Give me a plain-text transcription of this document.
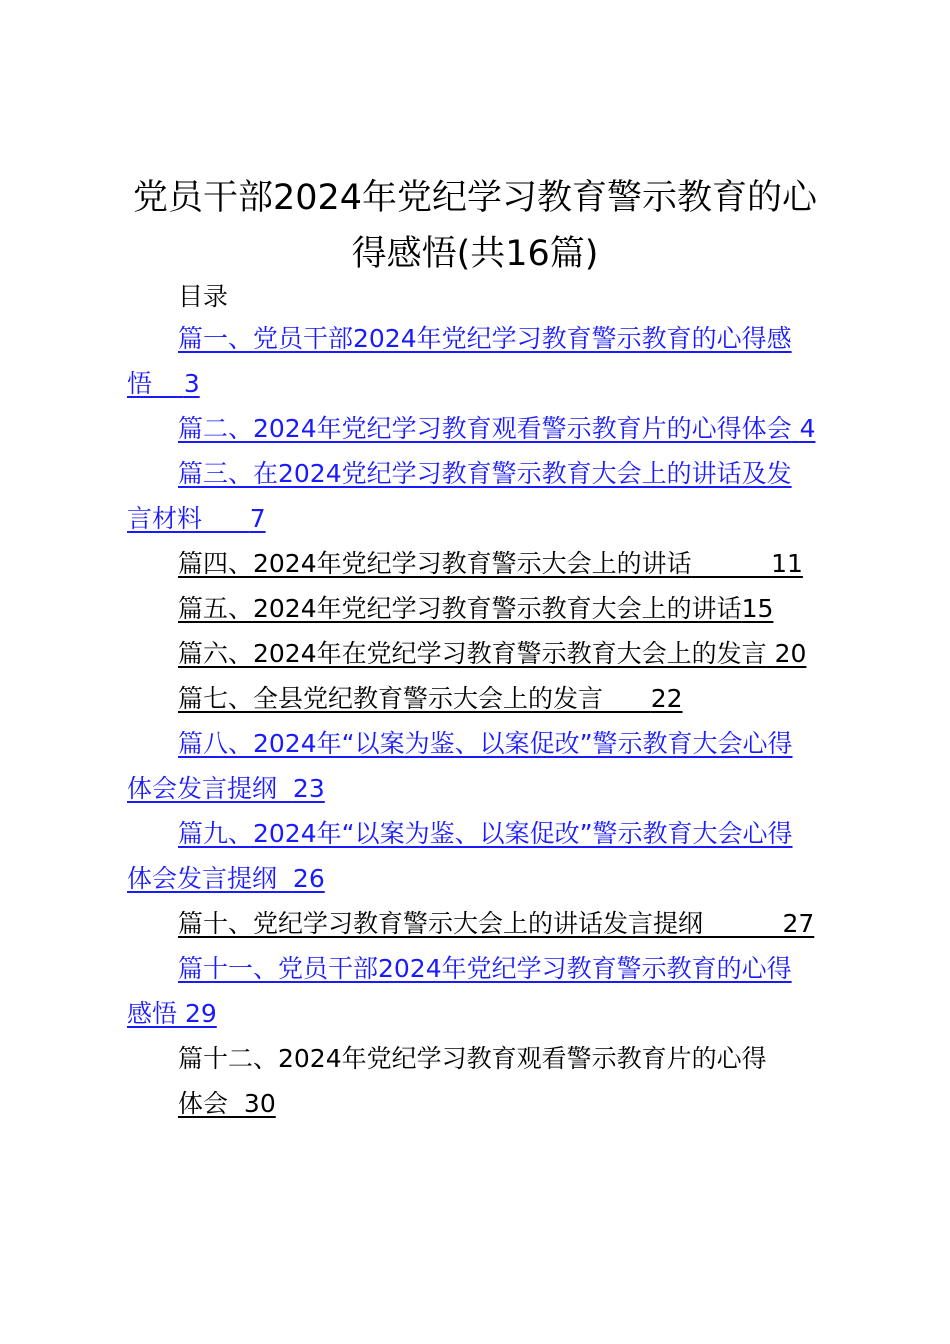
党员干部2024年党纪学习教育警示教育的心
得感悟(共16篇)
目录
篇一、党员干部2024年党纪学习教育警示教育的心得感
悟 3
篇二、2024年党纪学习教育观看警示教育片的心得体会 4
篇三、在2024党纪学习教育警示教育大会上的讲话及发
言材料 7
篇四、2024年党纪学习教育警示大会上的讲话	11
篇五、2024年党纪学习教育警示教育大会上的讲话15
篇六、2024年在党纪学习教育警示教育大会上的发言 20
篇七、全县党纪教育警示大会上的发言 22
篇八、2024年“以案为鉴、以案促改”警示教育大会心得
体会发言提纲 23
篇九、2024年“以案为鉴、以案促改”警示教育大会心得
体会发言提纲 26
篇十、党纪学习教育警示大会上的讲话发言提纲	27
篇十一、党员干部2024年党纪学习教育警示教育的心得
感悟 29
篇十二、2024年党纪学习教育观看警示教育片的心得
体会 30
